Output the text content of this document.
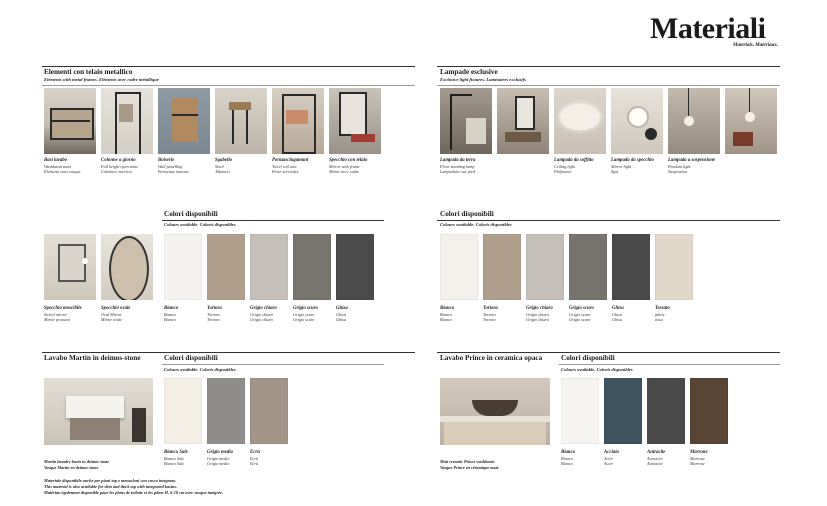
Materiali
Materials. Matériaux.
Elementi con telaio metallico
Elements with metal frames. Eléments avec cadre métallique
Basi lavabo
Washbasin units
Eléments sous vasque
Colonne a giorno
Full height open units
Colonnes ouvertes
Boiserie
Wall panelling
Panneaux muraux
Sgabello
Stool
Tabouret
Portaasciugamani
Towel rail unit
Porte-serviettes
Specchio con telaio
Mirror with frame
Miroir avec cadre
Lampade esclusive
Exclusive light fixtures. Luminaires exclusifs
Lampada da terra
Floor standing lamp
Lampadaire sur pied
Lampada da soffitto
Ceiling light
Plafonnier
Lampada da specchio
Mirror light
Spot
Lampada a sospensione
Pendant light
Suspension
Colori disponibili
Colours available. Coloris disponibles
Specchio moscibile
Swivel mirror
Miroir pivotant
Specchio ovale
Oval Mirror
Miroir ovale
Bianco
Bianco
Bianco
Tortora
Tortora
Tortora
Grigio chiaro
Grigio chiaro
Grigio chiaro
Grigio scuro
Grigio scuro
Grigio scuro
Ghisa
Ghisa
Ghisa
Colori disponibili
Colours available. Coloris disponibles
Bianco
Bianco
Bianco
Tortora
Tortora
Tortora
Grigio chiaro
Grigio chiaro
Grigio chiaro
Grigio scuro
Grigio scuro
Grigio scuro
Ghisa
Ghisa
Ghisa
Tessuto
fabric
tissu
Lavabo Martin in deimos-stone	Colori disponibili
Colours available. Coloris disponibles
Martin laundry basin in deimos-stone
Vasque Martin en deimos-stone
Bianco Sale
Bianco Sale
Bianco Sale
Grigio medio
Grigio medio
Grigio medio
Ecrù
Ecrù
Ecrù
Materiale disponibile anche per piani top e mensoloni con vasca integrata.
This material is also available for slim and thick top with integrated basins.
Matériau également disponible pour les plans de toilette et les plans H. 6-10 cm avec vasque intégrée.
Lavabo Prince in ceramica opaca	Colori disponibili
Colours available. Coloris disponibles
Matt ceramic Prince washbasin
Vasque Prince en céramique mate
Bianco
Bianco
Bianco
Acciaio
Acier
Acier
Antracite
Antracite
Antracite
Marrone
Marrone
Marrone
